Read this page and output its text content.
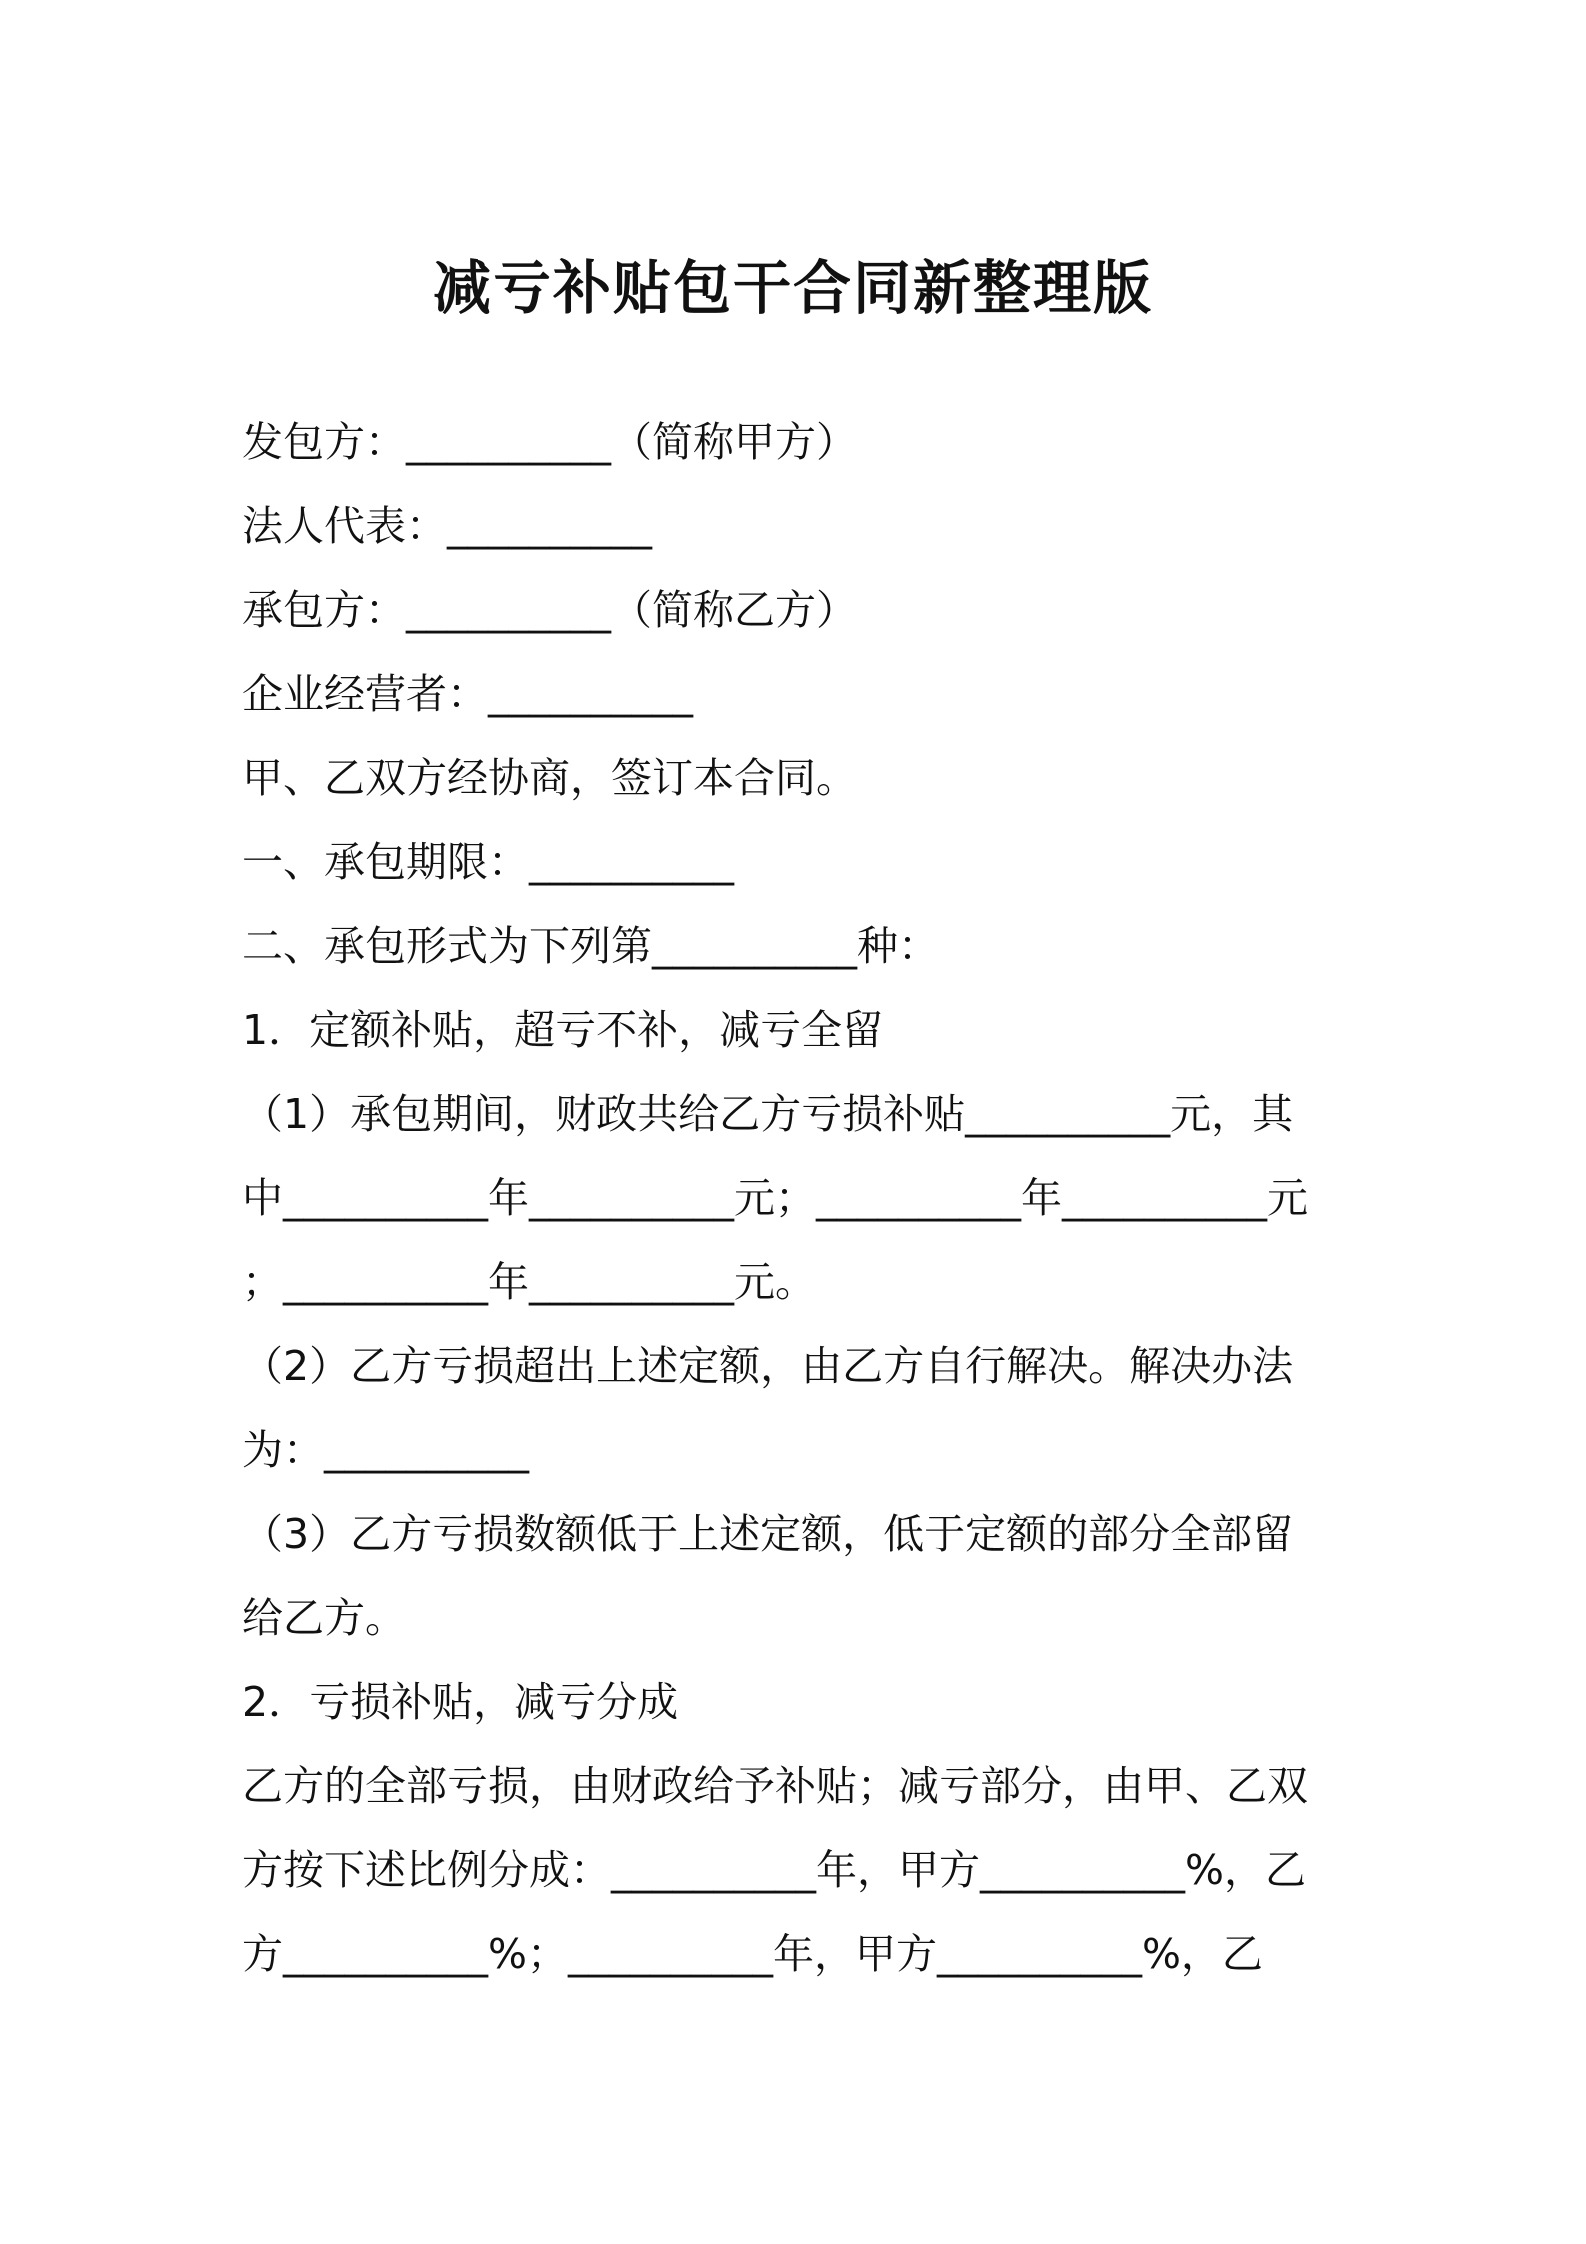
减亏补贴包干合同新整理版
发包方：__________（简称甲方）
法人代表：__________
承包方：__________（简称乙方）
企业经营者：__________
甲、乙双方经协商，签订本合同。
一、承包期限：__________
二、承包形式为下列第__________种：
1．定额补贴，超亏不补，减亏全留
（1）承包期间，财政共给乙方亏损补贴__________元，其
中__________年__________元；__________年__________元
；__________年__________元。
（2）乙方亏损超出上述定额，由乙方自行解决。解决办法
为：__________
（3）乙方亏损数额低于上述定额，低于定额的部分全部留
给乙方。
2．亏损补贴，减亏分成
乙方的全部亏损，由财政给予补贴；减亏部分，由甲、乙双
方按下述比例分成：__________年，甲方__________%，乙
方__________%；__________年，甲方__________%，乙
